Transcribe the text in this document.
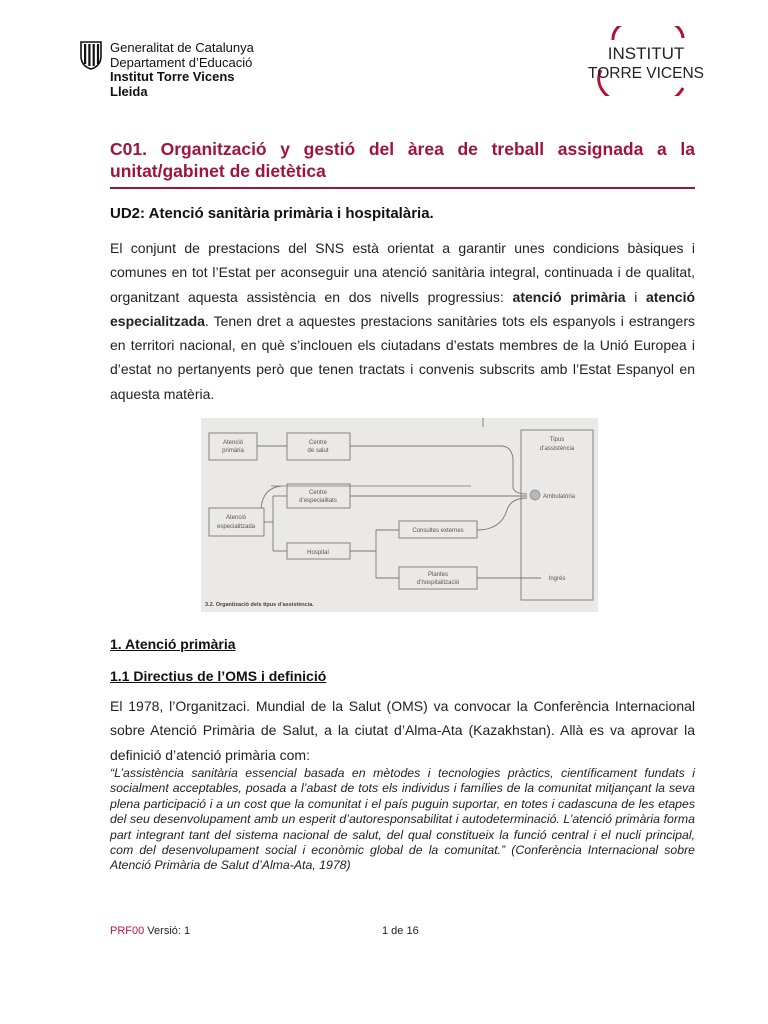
Generalitat de Catalunya
Departament d’Educació
Institut Torre Vicens
Lleida
INSTITUT
TORRE VICENS
C01. Organització y gestió del àrea de treball assignada a la
unitat/gabinet de dietètica
UD2: Atenció sanitària primària i hospitalària.
El conjunt de prestacions del SNS està orientat a garantir unes condicions bàsiques i comunes en tot l’Estat per aconseguir una atenció sanitària integral, continuada i de qualitat, organitzant aquesta assistència en dos nivells progressius: atenció primària i atenció especialitzada. Tenen dret a aquestes prestacions sanitàries tots els espanyols i estrangers en territori nacional, en què s’inclouen els ciutadans d’estats membres de la Unió Europea i d’estat no pertanyents però que tenen tractats i convenis subscrits amb l’Estat Espanyol en aquesta matèria.
Atenció
primària
Atenció
especialitzada
Centre
de salut
Centre
d’especialitats
Hospital
Consultes externes
Plantes
d’hospitalització
Tipus
d’assistència
Ambulatòria
Ingrés
3.2. Organització dels tipus d’assistència.
1. Atenció primària
1.1 Directius de l’OMS i definició
El 1978, l’Organitzaci. Mundial de la Salut (OMS) va convocar la Conferència Internacional sobre Atenció Primària de Salut, a la ciutat d’Alma-Ata (Kazakhstan). Allà es va aprovar la definició d’atenció primària com:
“L’assistència sanitària essencial basada en mètodes i tecnologies pràctics, científicament fundats i socialment acceptables, posada a l’abast de tots els individus i famílies de la comunitat mitjançant la seva plena participació i a un cost que la comunitat i el país puguin suportar, en totes i cadascuna de les etapes del seu desenvolupament amb un esperit d’autoresponsabilitat i autodeterminació. L’atenció primària forma part integrant tant del sistema nacional de salut, del qual constitueix la funció central i el nucli principal, com del desenvolupament social i econòmic global de la comunitat.” (Conferència Internacional sobre Atenció Primària de Salut d’Alma-Ata, 1978)
PRF00 Versió: 1	1 de 16
